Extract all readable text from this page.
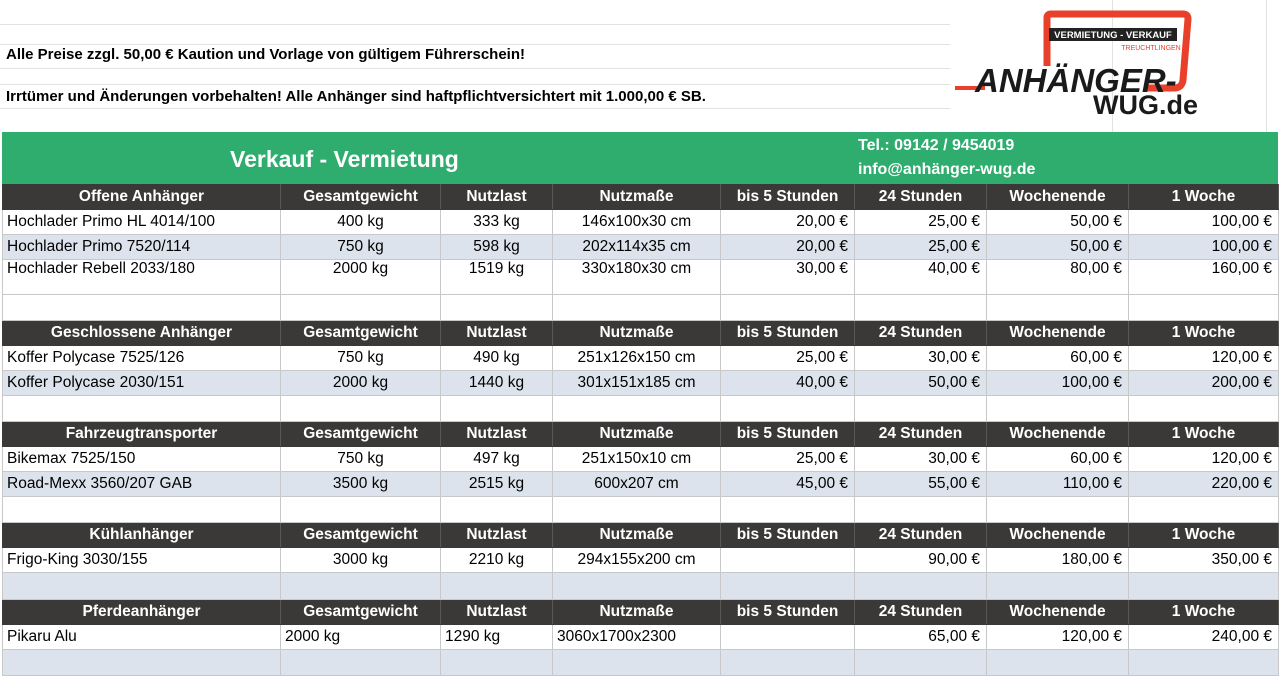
Alle Preise zzgl. 50,00 € Kaution und Vorlage von gültigem Führerschein!
Irrtümer und Änderungen vorbehalten! Alle Anhänger sind haftpflichtversichtert mit 1.000,00 € SB.
VERMIETUNG - VERKAUF
TREUCHTLINGEN
ANHÄNGER-
WUG.de
Verkauf - Vermietung
Tel.: 09142 / 9454019
info@anhänger-wug.de
Offene Anhänger	Gesamtgewicht	Nutzlast	Nutzmaße	bis 5 Stunden	24 Stunden	Wochenende	1 Woche
Hochlader Primo HL 4014/100	400 kg	333 kg	146x100x30 cm	20,00 €	25,00 €	50,00 €	100,00 €
Hochlader Primo 7520/114	750 kg	598 kg	202x114x35 cm	20,00 €	25,00 €	50,00 €	100,00 €
Hochlader Rebell 2033/180	2000 kg	1519 kg	330x180x30 cm	30,00 €	40,00 €	80,00 €	160,00 €

Geschlossene Anhänger	Gesamtgewicht	Nutzlast	Nutzmaße	bis 5 Stunden	24 Stunden	Wochenende	1 Woche
Koffer Polycase 7525/126	750 kg	490 kg	251x126x150 cm	25,00 €	30,00 €	60,00 €	120,00 €
Koffer Polycase 2030/151	2000 kg	1440 kg	301x151x185 cm	40,00 €	50,00 €	100,00 €	200,00 €

Fahrzeugtransporter	Gesamtgewicht	Nutzlast	Nutzmaße	bis 5 Stunden	24 Stunden	Wochenende	1 Woche
Bikemax 7525/150	750 kg	497 kg	251x150x10 cm	25,00 €	30,00 €	60,00 €	120,00 €
Road-Mexx 3560/207 GAB	3500 kg	2515 kg	600x207 cm	45,00 €	55,00 €	110,00 €	220,00 €

Kühlanhänger	Gesamtgewicht	Nutzlast	Nutzmaße	bis 5 Stunden	24 Stunden	Wochenende	1 Woche
Frigo-King 3030/155	3000 kg	2210 kg	294x155x200 cm		90,00 €	180,00 €	350,00 €

Pferdeanhänger	Gesamtgewicht	Nutzlast	Nutzmaße	bis 5 Stunden	24 Stunden	Wochenende	1 Woche
Pikaru Alu	2000 kg	1290 kg	3060x1700x2300		65,00 €	120,00 €	240,00 €
